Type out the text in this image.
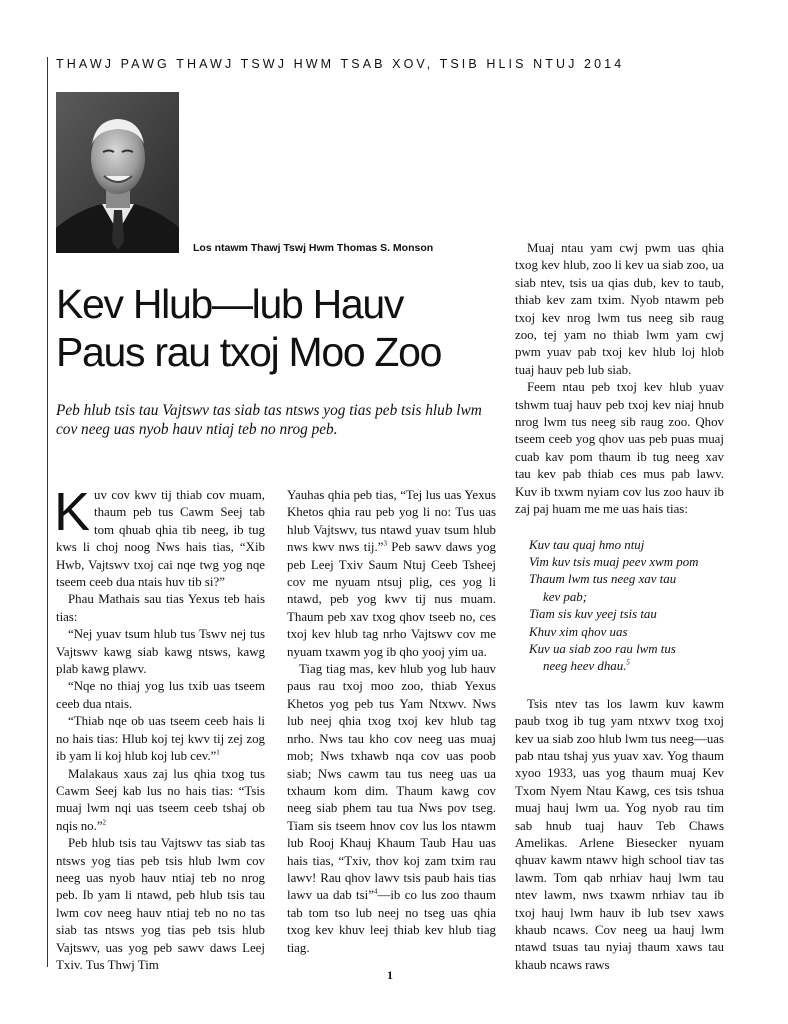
THAWJ PAWG THAWJ TSWJ HWM TSAB XOV, TSIB HLIS NTUJ 2014
Los ntawm Thawj Tswj Hwm Thomas S. Monson
Kev Hlub—lub Hauv
Paus rau txoj Moo Zoo

Peb hlub tsis tau Vajtswv tas siab tas ntsws yog tias peb tsis hlub lwm cov neeg uas nyob hauv ntiaj teb no nrog peb.

Kuv cov kwv tij thiab cov muam, thaum peb tus Cawm Seej tab tom qhuab qhia tib neeg, ib tug kws li choj noog Nws hais tias, “Xib Hwb, Vajtswv txoj cai nqe twg yog nqe tseem ceeb dua ntais huv tib si?”

Phau Mathais sau tias Yexus teb hais tias:

“Nej yuav tsum hlub tus Tswv nej tus Vajtswv kawg siab kawg ntsws, kawg plab kawg plawv.

“Nqe no thiaj yog lus txib uas tseem ceeb dua ntais.

“Thiab nqe ob uas tseem ceeb hais li no hais tias: Hlub koj tej kwv tij zej zog ib yam li koj hlub koj lub cev.”$^1$

Malakaus xaus zaj lus qhia txog tus Cawm Seej kab lus no hais tias: “Tsis muaj lwm nqi uas tseem ceeb tshaj ob nqis no.”$^2$

Peb hlub tsis tau Vajtswv tas siab tas ntsws yog tias peb tsis hlub lwm cov neeg uas nyob hauv ntiaj teb no nrog peb. Ib yam li ntawd, peb hlub tsis tau lwm cov neeg hauv ntiaj teb no no tas siab tas ntsws yog tias peb tsis hlub Vajtswv, uas yog peb sawv daws Leej Txiv. Tus Thwj Tim

Yauhas qhia peb tias, “Tej lus uas Yexus Khetos qhia rau peb yog li no: Tus uas hlub Vajtswv, tus ntawd yuav tsum hlub nws kwv nws tij.”$^3$ Peb sawv daws yog peb Leej Txiv Saum Ntuj Ceeb Tsheej cov me nyuam ntsuj plig, ces yog li ntawd, peb yog kwv tij nus muam. Thaum peb xav txog qhov tseeb no, ces txoj kev hlub tag nrho Vajtswv cov me nyuam txawm yog ib qho yooj yim ua.

Tiag tiag mas, kev hlub yog lub hauv paus rau txoj moo zoo, thiab Yexus Khetos yog peb tus Yam Ntxwv. Nws lub neej qhia txog txoj kev hlub tag nrho. Nws tau kho cov neeg uas muaj mob; Nws txhawb nqa cov uas poob siab; Nws cawm tau tus neeg uas ua txhaum kom dim. Thaum kawg cov neeg siab phem tau tua Nws pov tseg. Tiam sis tseem hnov cov lus los ntawm lub Rooj Khauj Khaum Taub Hau uas hais tias, “Txiv, thov koj zam txim rau lawv! Rau qhov lawv tsis paub hais tias lawv ua dab tsi”$^4$—ib co lus zoo thaum tab tom tso lub neej no tseg uas qhia txog kev khuv leej thiab kev hlub tiag tiag.

Muaj ntau yam cwj pwm uas qhia txog kev hlub, zoo li kev ua siab zoo, ua siab ntev, tsis ua qias dub, kev to taub, thiab kev zam txim. Nyob ntawm peb txoj kev nrog lwm tus neeg sib raug zoo, tej yam no thiab lwm yam cwj pwm yuav pab txoj kev hlub loj hlob tuaj hauv peb lub siab.

Feem ntau peb txoj kev hlub yuav tshwm tuaj hauv peb txoj kev niaj hnub nrog lwm tus neeg sib raug zoo. Qhov tseem ceeb yog qhov uas peb puas muaj cuab kav pom thaum ib tug neeg xav tau kev pab thiab ces mus pab lawv. Kuv ib txwm nyiam cov lus zoo hauv ib zaj paj huam me me uas hais tias:

Kuv tau quaj hmo ntuj
Vim kuv tsis muaj peev xwm pom
Thaum lwm tus neeg xav tau
kev pab;
Tiam sis kuv yeej tsis tau
Khuv xim qhov uas
Kuv ua siab zoo rau lwm tus
neeg heev dhau.$^5$

Tsis ntev tas los lawm kuv kawm paub txog ib tug yam ntxwv txog txoj kev ua siab zoo hlub lwm tus neeg—uas pab ntau tshaj yus yuav xav. Yog thaum xyoo 1933, uas yog thaum muaj Kev Txom Nyem Ntau Kawg, ces tsis tshua muaj hauj lwm ua. Yog nyob rau tim sab hnub tuaj hauv Teb Chaws Amelikas. Arlene Biesecker nyuam qhuav kawm ntawv high school tiav tas lawm. Tom qab nrhiav hauj lwm tau ntev lawm, nws txawm nrhiav tau ib txoj hauj lwm hauv ib lub tsev xaws khaub ncaws. Cov neeg ua hauj lwm ntawd tsuas tau nyiaj thaum xaws tau khaub ncaws raws

1
